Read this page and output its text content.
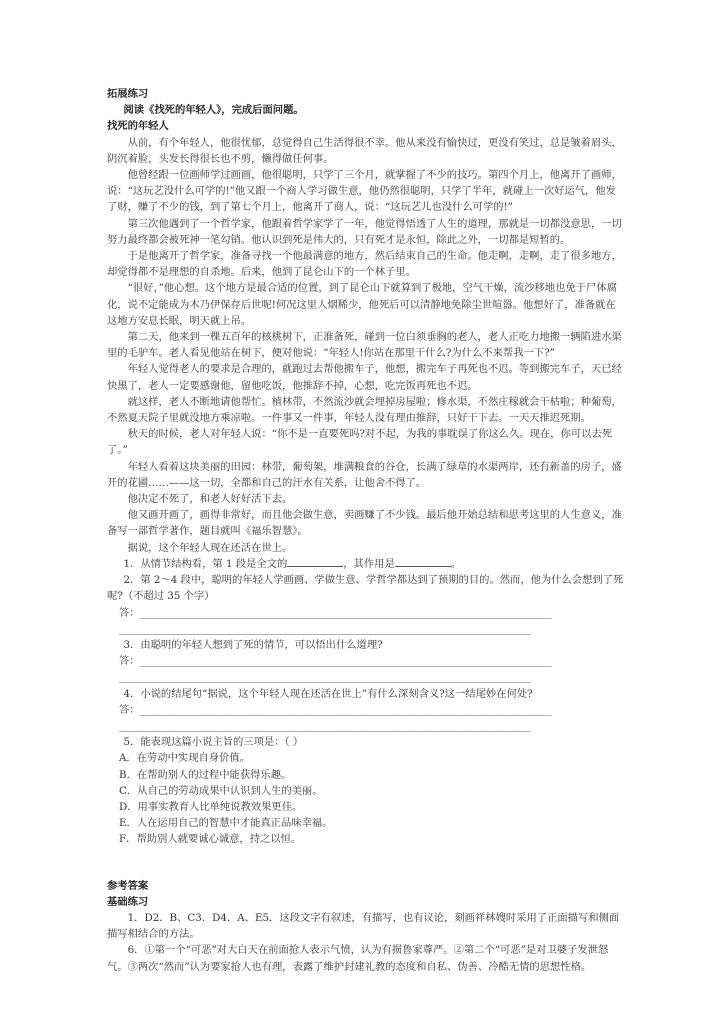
拓展练习
阅读《找死的年轻人》，完成后面问题。
找死的年轻人

从前，有个年轻人，他很忧郁，总觉得自己生活得很不幸。他从来没有愉快过，更没有笑过，总是皱着眉头，阴沉着脸，头发长得很长也不剪，懒得做任何事。

他曾经跟一位画师学过画画，他很聪明，只学了三个月，就掌握了不少的技巧。第四个月上，他离开了画师，说：“这玩艺没什么可学的!”他又跟一个商人学习做生意，他仍然很聪明，只学了半年，就碰上一次好运气，他发了财，赚了不少的钱，到了第七个月上，他离开了商人，说：“这玩艺儿也没什么可学的!”

第三次他遇到了一个哲学家，他跟着哲学家学了一年，他觉得悟透了人生的道理，那就是一切都没意思，一切努力最终都会被死神一笔勾销。他认识到死是伟大的，只有死才是永恒，除此之外，一切都是短暂的。

于是他离开了哲学家，准备寻找一个他最满意的地方，然后结束自己的生命。他走啊，走啊，走了很多地方，却觉得都不是理想的自杀地。后来，他到了昆仑山下的一个林子里。

“很好，”他心想。这个地方是最合适的位置，到了昆仑山下就算到了极地，空气干燥，流沙移地也免于尸体腐化，说不定能成为木乃伊保存后世呢!何况这里人烟稀少，他死后可以清静地免除尘世喧嚣。他想好了，准备就在这地方安息长眠，明天就上吊。

第二天，他来到一棵五百年的核桃树下，正准备死，碰到一位白须垂胸的老人，老人正吃力地搬一辆陷进水渠里的毛驴车。老人看见他站在树下，便对他说：“年轻人!你站在那里干什么?为什么不来帮我一下?”

年轻人觉得老人的要求是合理的，就跑过去帮他搬车子，他想，搬完车子再死也不迟。等到搬完车子，天已经快黑了，老人一定要感谢他，留他吃饭，他推辞不掉，心想，吃完饭再死也不迟。

就这样，老人不断地请他帮忙。植林带，不然流沙就会埋掉房屋啦；修水渠，不然庄稼就会干枯啦；种葡萄，不然夏天院子里就没地方乘凉啦。一件事又一件事，年轻人没有理由推辞，只好干下去。一天天推迟死期。

秋天的时候，老人对年轻人说：“你不是一直要死吗?对不起，为我的事耽误了你这么久。现在，你可以去死了。”

年轻人看着这块美丽的田园：林带，葡萄架，堆满粮食的谷仓，长满了绿草的水渠两岸，还有新盖的房子，盛开的花圃……——这一切，全都和自己的汗水有关系，让他舍不得了。

他决定不死了，和老人好好活下去。

他又画开画了，画得非常好，而且他会做生意，卖画赚了不少钱。最后他开始总结和思考这里的人生意义，准备写一部哲学著作，题目就叫《福乐智慧》。

据说，这个年轻人现在还活在世上。

1．从情节结构看，第 1 段是全文的	，其作用是	。

2．第 2～4 段中，聪明的年轻人学画画、学做生意、学哲学都达到了预期的目的。然而，他为什么会想到了死呢?（不超过 35 个字）

答：________________________________________________________________________________
________________________________________________________________________________

3．由聪明的年轻人想到了死的情节，可以悟出什么道理?

答：________________________________________________________________________________
________________________________________________________________________________

4．小说的结尾句“据说，这个年轻人现在还活在世上”有什么深刻含义?这一结尾妙在何处?

答：________________________________________________________________________________
________________________________________________________________________________

5．能表现这篇小说主旨的三项是：（ ）

A．在劳动中实现自身价值。
B．在帮助别人的过程中能获得乐趣。
C．从自己的劳动成果中认识到人生的美丽。
D．用事实教育人比单纯说教效果更佳。
E．人在运用自己的智慧中才能真正品味幸福。
F．帮助别人就要诚心诚意，持之以恒。
参考答案
基础练习

1．D2．B、C3．D4．A、E5．这段文字有叙述，有描写，也有议论，刻画祥林嫂时采用了正面描写和侧面描写相结合的方法。

6．①第一个“可恶”对大白天在前面抢人表示气愤，认为有损鲁家尊严。②第二个“可恶”是对卫婆子发泄怒气。③两次“然而”认为要家抢人也有理，表露了维护封建礼教的态度和自私、伪善、冷酷无情的思想性格。
